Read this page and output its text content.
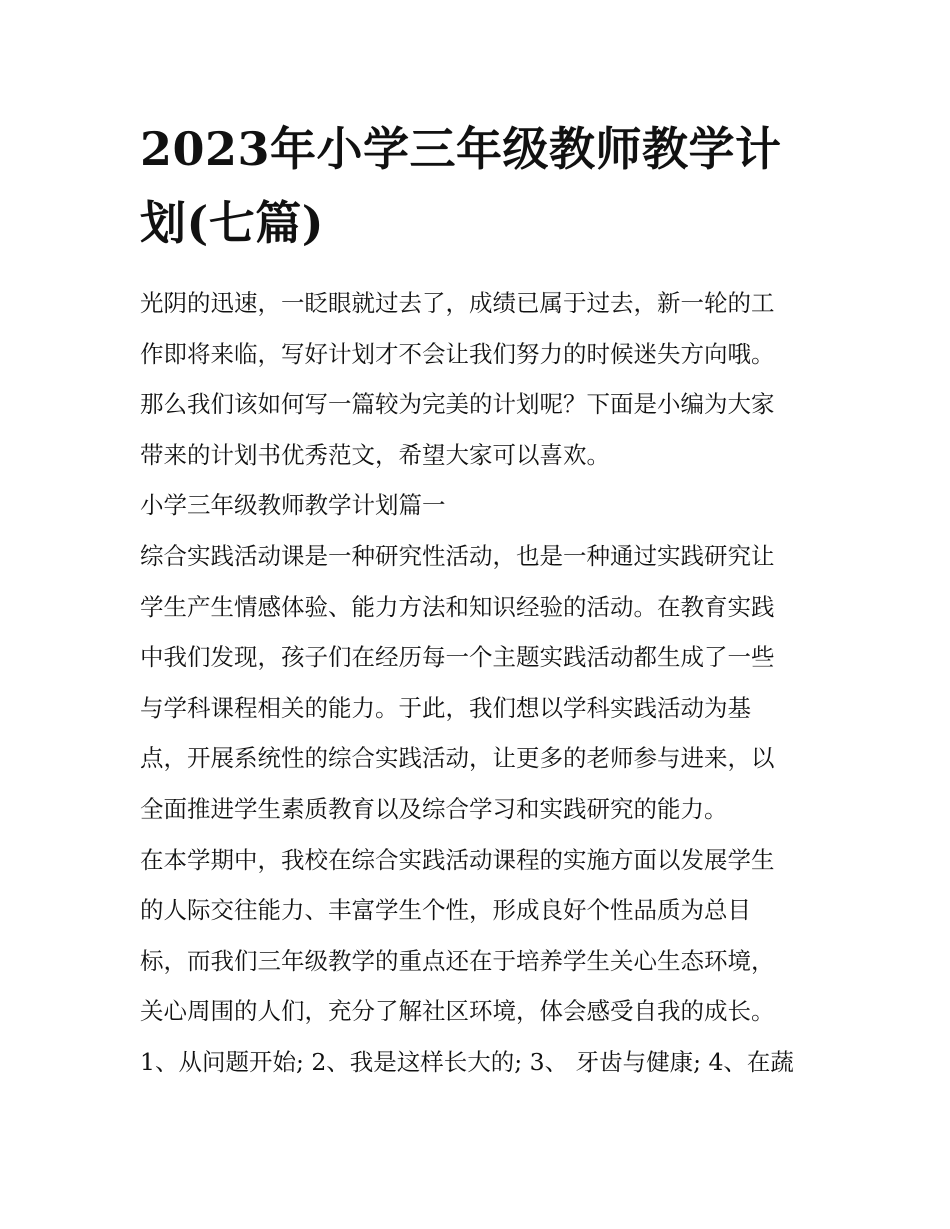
2023年小学三年级教师教学计
划(七篇)
光阴的迅速，一眨眼就过去了，成绩已属于过去，新一轮的工
作即将来临，写好计划才不会让我们努力的时候迷失方向哦。
那么我们该如何写一篇较为完美的计划呢？下面是小编为大家
带来的计划书优秀范文，希望大家可以喜欢。
小学三年级教师教学计划篇一
综合实践活动课是一种研究性活动，也是一种通过实践研究让
学生产生情感体验、能力方法和知识经验的活动。在教育实践
中我们发现，孩子们在经历每一个主题实践活动都生成了一些
与学科课程相关的能力。于此，我们想以学科实践活动为基
点，开展系统性的综合实践活动，让更多的老师参与进来，以
全面推进学生素质教育以及综合学习和实践研究的能力。
在本学期中，我校在综合实践活动课程的实施方面以发展学生
的人际交往能力、丰富学生个性，形成良好个性品质为总目
标，而我们三年级教学的重点还在于培养学生关心生态环境，
关心周围的人们，充分了解社区环境，体会感受自我的成长。
1、从问题开始; 2、我是这样长大的; 3、 牙齿与健康; 4、在蔬
